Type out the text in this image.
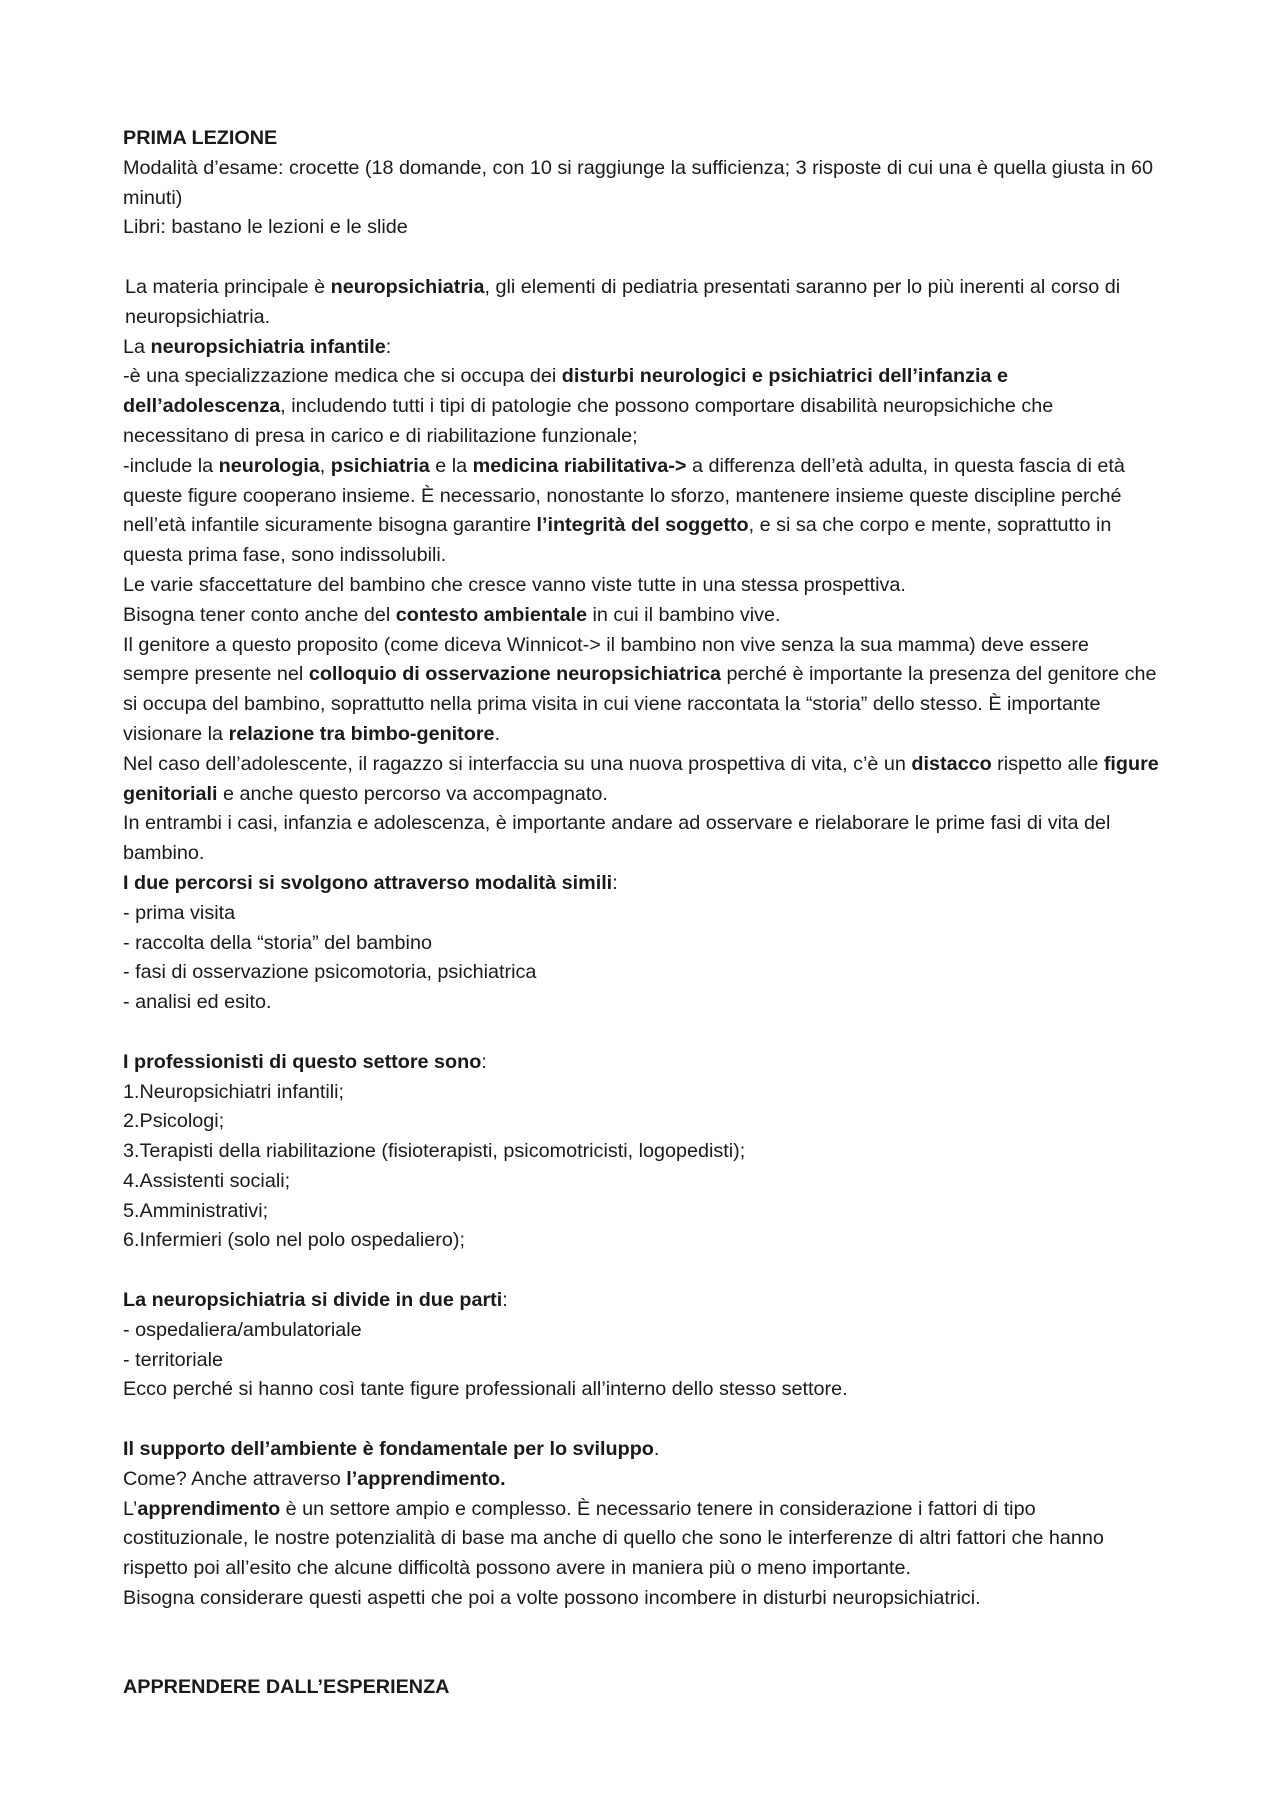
PRIMA LEZIONE

Modalità d’esame: crocette (18 domande, con 10 si raggiunge la sufficienza; 3 risposte di cui una è quella giusta in 60 minuti)

Libri: bastano le lezioni e le slide

La materia principale è neuropsichiatria, gli elementi di pediatria presentati saranno per lo più inerenti al corso di neuropsichiatria.

La neuropsichiatria infantile:

-è una specializzazione medica che si occupa dei disturbi neurologici e psichiatrici dell’infanzia e dell’adolescenza, includendo tutti i tipi di patologie che possono comportare disabilità neuropsichiche che necessitano di presa in carico e di riabilitazione funzionale;

-include la neurologia, psichiatria e la medicina riabilitativa-> a differenza dell’età adulta, in questa fascia di età queste figure cooperano insieme. È necessario, nonostante lo sforzo, mantenere insieme queste discipline perché nell’età infantile sicuramente bisogna garantire l’integrità del soggetto, e si sa che corpo e mente, soprattutto in questa prima fase, sono indissolubili.

Le varie sfaccettature del bambino che cresce vanno viste tutte in una stessa prospettiva.

Bisogna tener conto anche del contesto ambientale in cui il bambino vive.

Il genitore a questo proposito (come diceva Winnicot-> il bambino non vive senza la sua mamma) deve essere sempre presente nel colloquio di osservazione neuropsichiatrica perché è importante la presenza del genitore che si occupa del bambino, soprattutto nella prima visita in cui viene raccontata la “storia” dello stesso. È importante visionare la relazione tra bimbo-genitore.

Nel caso dell’adolescente, il ragazzo si interfaccia su una nuova prospettiva di vita, c’è un distacco rispetto alle figure genitoriali e anche questo percorso va accompagnato.

In entrambi i casi, infanzia e adolescenza, è importante andare ad osservare e rielaborare le prime fasi di vita del bambino.

I due percorsi si svolgono attraverso modalità simili:

- prima visita

- raccolta della “storia” del bambino

- fasi di osservazione psicomotoria, psichiatrica

- analisi ed esito.

I professionisti di questo settore sono:

1.Neuropsichiatri infantili;

2.Psicologi;

3.Terapisti della riabilitazione (fisioterapisti, psicomotricisti, logopedisti);

4.Assistenti sociali;

5.Amministrativi;

6.Infermieri (solo nel polo ospedaliero);

La neuropsichiatria si divide in due parti:

- ospedaliera/ambulatoriale

- territoriale

Ecco perché si hanno così tante figure professionali all’interno dello stesso settore.

Il supporto dell’ambiente è fondamentale per lo sviluppo.

Come? Anche attraverso l’apprendimento.

L’apprendimento è un settore ampio e complesso. È necessario tenere in considerazione i fattori di tipo costituzionale, le nostre potenzialità di base ma anche di quello che sono le interferenze di altri fattori che hanno rispetto poi all’esito che alcune difficoltà possono avere in maniera più o meno importante.

Bisogna considerare questi aspetti che poi a volte possono incombere in disturbi neuropsichiatrici.

APPRENDERE DALL’ESPERIENZA
